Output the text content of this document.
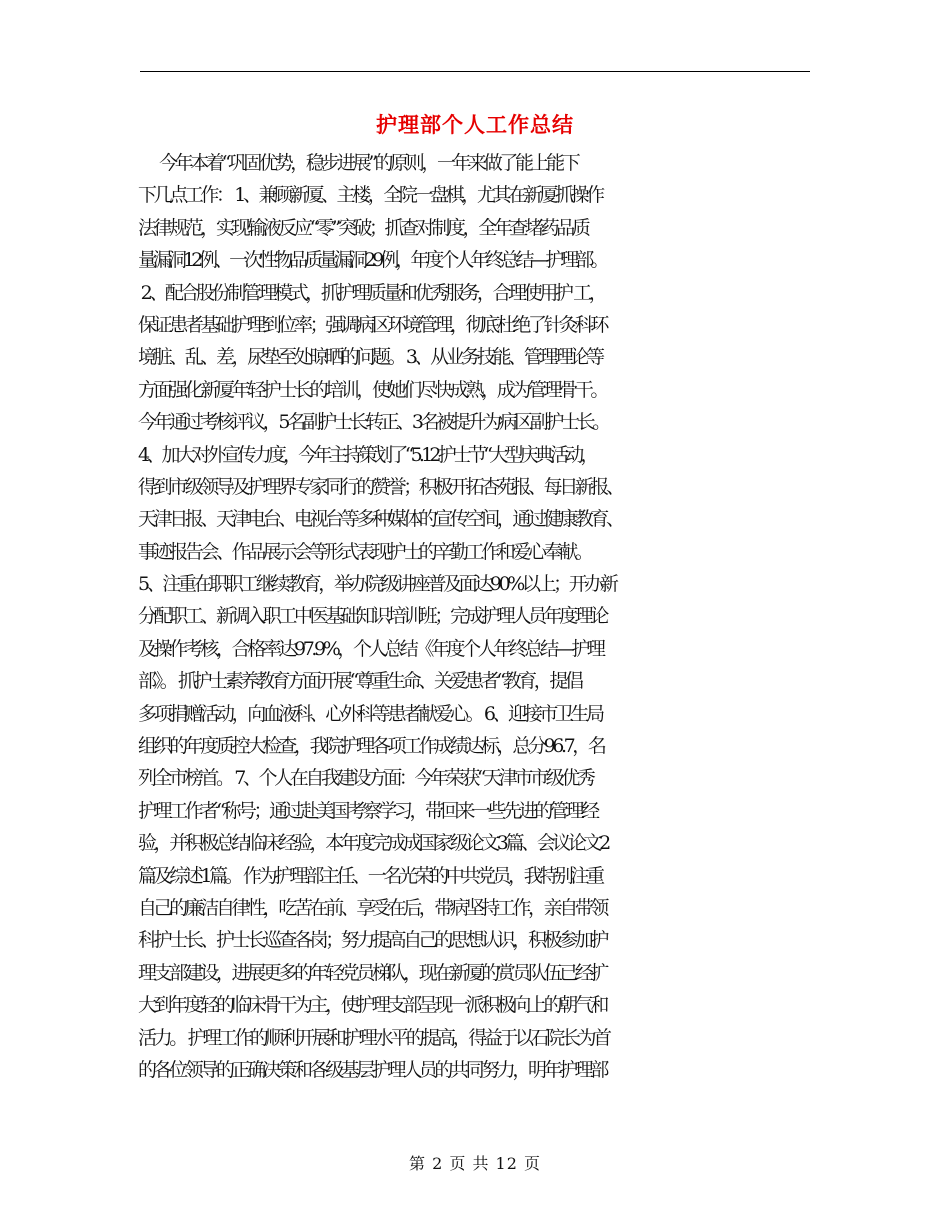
护理部个人工作总结
今年本着“巩固优势，稳步进展”的原则，一年来做了能上能下
下几点工作： 1、兼顾新厦、主楼，全院一盘棋，尤其在新厦抓操作
法律规范，实现输液反应“零”突破；抓查对制度，全年查堵药品质
量漏洞12例、一次性物品质量漏洞29例，年度个人年终总结—护理部。
2、配合股份制管理模式，抓护理质量和优秀服务，合理使用护 工，
保证患者基础护理到位率；强调病区环境管理，彻底杜绝了针灸科环
境脏、乱、差，尿垫至处晾晒的问题。 3、从业务技能、管理理论等
方面强化新厦年轻护士长的培训，使她们尽快成熟，成为管理骨干。
今年通过考核评议，5名副护士长转正、3名被提升为病区副护士长。
4、加大对外宣传力度，今年主持策划了“5.12护士节“大型庆典活动，
得到市级领导及护理界专家同行的赞誉；积极开拓杏苑报、每日新报、
天津日报、天津电台、电视台等多种媒体的宣传空间，通过健康教育、
事迹报告会、作品展示会等形式表现护士的辛勤工作和爱心奉献。
5、注重在职职工继续教育，举办院级讲座普及面达90%以上；开办新
分配职工、新调入职工中医基础知识培训班；完成护理人员年度理论
及操作考核，合格率达97.9%，个人总结《年度个人年终总结—护理
部》。 抓护士素养教育方面开展“尊重生命、关爱患者“教育，提倡
多项捐赠活动，向血液科、心外科等患者献爱心。 6、迎接市卫生局
组织的年度质控大检查，我院护理各项工作成绩达标，总分96.7，名
列全市榜首。 7、个人在自我建设方面：今年荣获“天津市市级优秀
护理工作者“称号；通过赴美国考察学习，带回来一些先进的管理经
验，并积极总结临床经验，本年度完成成国家级论文3篇、会议论文2
篇及综述1篇。 作为护理部主任、一名光荣的中共党员，我特别注重
自己的廉洁自律性，吃苦在前、享受在后，带病坚持工作，亲自带领
科护士长、护士长巡查各岗；努力提高自己的思想认识，积极参加护
理支部建设，进展更多的年轻党员梯队，现在新厦的赏员队伍已经扩
大到年度轻的临床骨干为主，使护理支部呈现一派积极向上的朝气和
活力。 护理工作的顺利开展和护理水平的提高，得益于以石院长为首
的各位领导的正确决策和各级基层护理人员的共同努力，明年护理部
第 2 页 共 12 页
